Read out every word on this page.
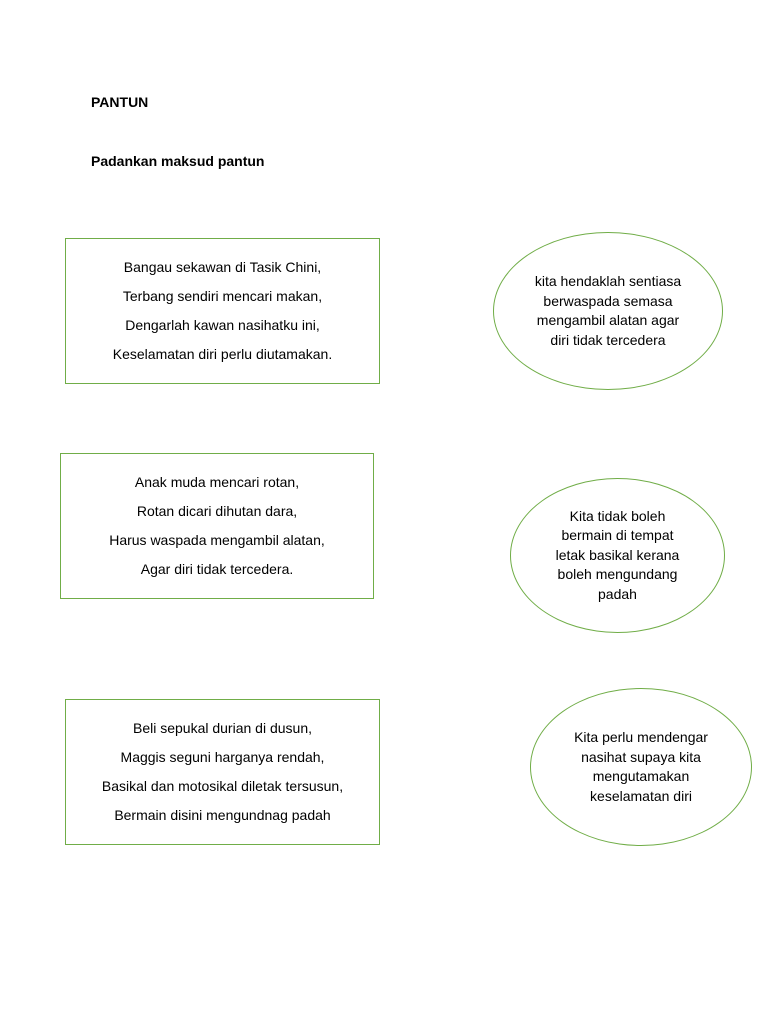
PANTUN
Padankan maksud pantun
Bangau sekawan di Tasik Chini,
Terbang sendiri mencari makan,
Dengarlah kawan nasihatku ini,
Keselamatan diri perlu diutamakan.
Anak muda mencari rotan,
Rotan dicari dihutan dara,
Harus waspada mengambil alatan,
Agar diri tidak tercedera.
Beli sepukal durian di dusun,
Maggis seguni harganya rendah,
Basikal dan motosikal diletak tersusun,
Bermain disini mengundnag padah
kita hendaklah sentiasa berwaspada semasa mengambil alatan agar diri tidak tercedera
Kita tidak boleh bermain di tempat letak basikal kerana boleh mengundang padah
Kita perlu mendengar nasihat supaya kita mengutamakan keselamatan diri
